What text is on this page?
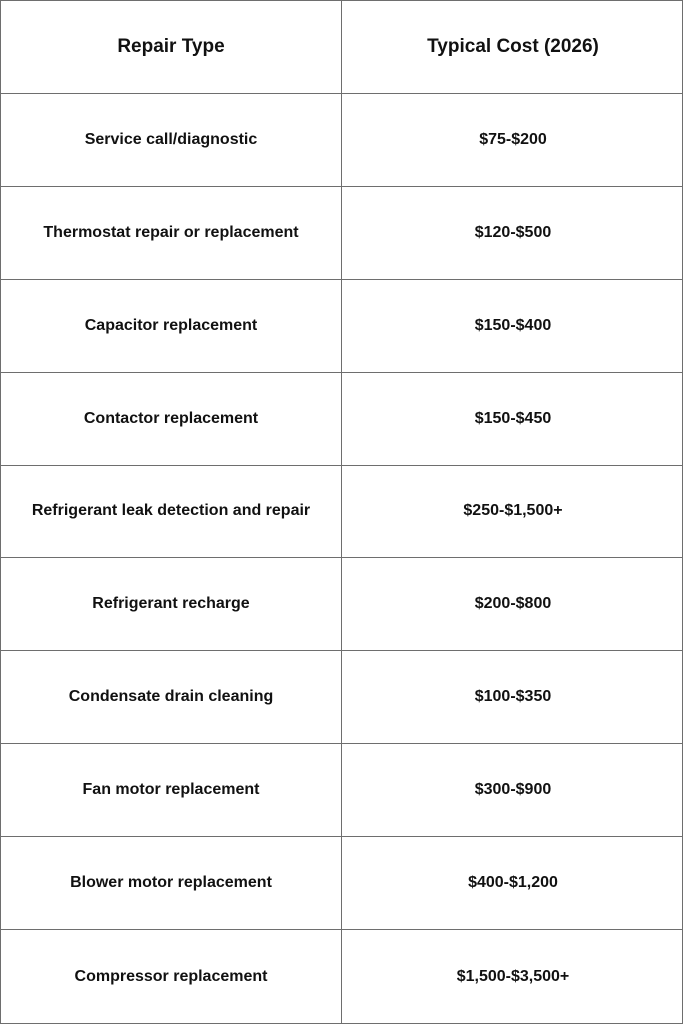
Repair Type	Typical Cost (2026)
Service call/diagnostic	$75-$200
Thermostat repair or replacement	$120-$500
Capacitor replacement	$150-$400
Contactor replacement	$150-$450
Refrigerant leak detection and repair	$250-$1,500+
Refrigerant recharge	$200-$800
Condensate drain cleaning	$100-$350
Fan motor replacement	$300-$900
Blower motor replacement	$400-$1,200
Compressor replacement	$1,500-$3,500+
